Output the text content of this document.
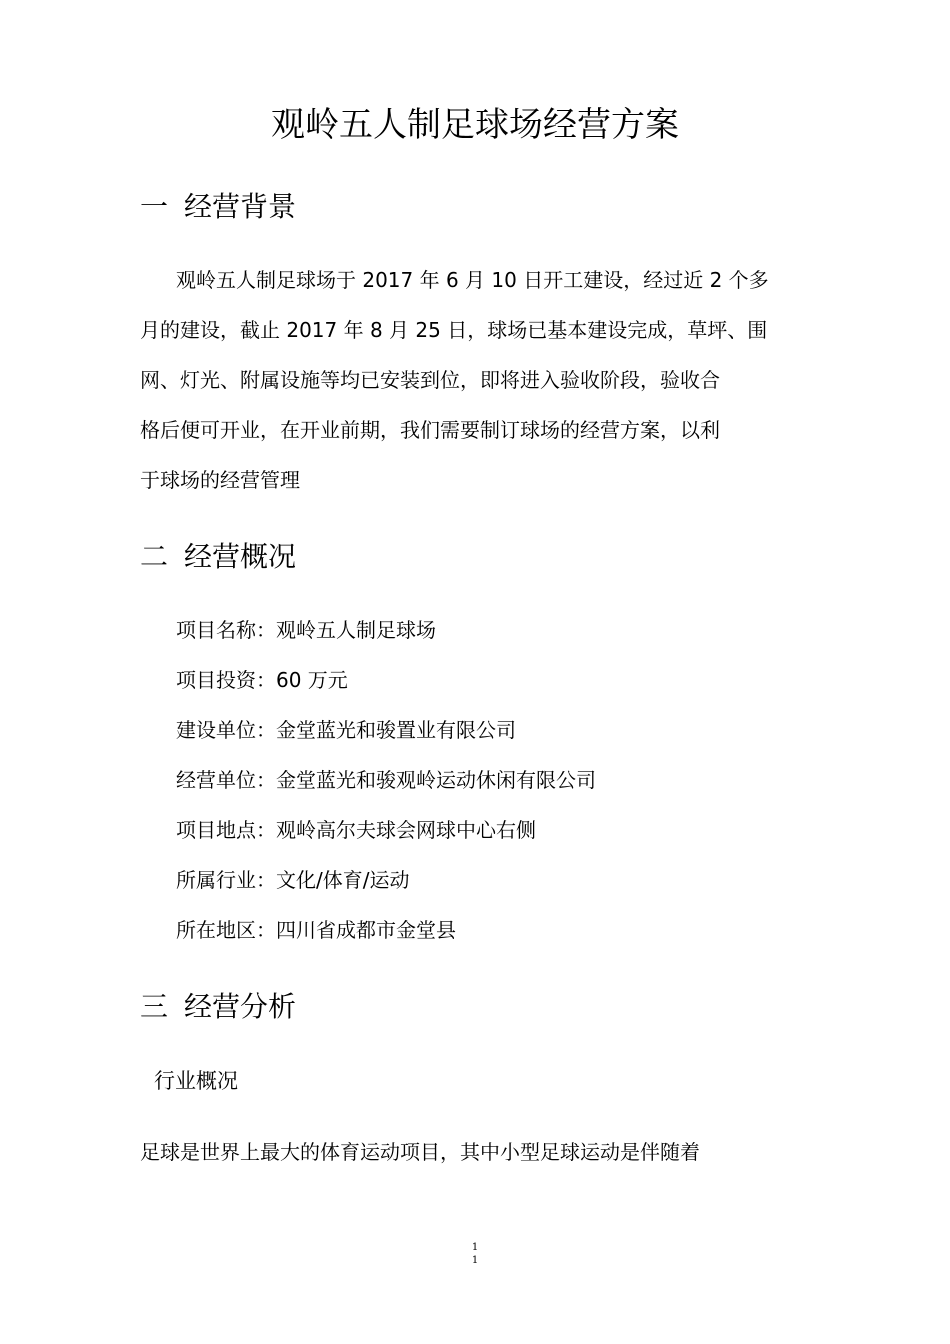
观岭五人制足球场经营方案
一 经营背景
观岭五人制足球场于 2017 年 6 月 10 日开工建设，经过近 2 个多
月的建设，截止 2017 年 8 月 25 日，球场已基本建设完成，草坪、围
网、灯光、附属设施等均已安装到位，即将进入验收阶段，验收合
格后便可开业，在开业前期，我们需要制订球场的经营方案，以利
于球场的经营管理
二 经营概况
项目名称：观岭五人制足球场
项目投资：60 万元
建设单位：金堂蓝光和骏置业有限公司
经营单位：金堂蓝光和骏观岭运动休闲有限公司
项目地点：观岭高尔夫球会网球中心右侧
所属行业：文化/体育/运动
所在地区：四川省成都市金堂县
三 经营分析
行业概况
足球是世界上最大的体育运动项目，其中小型足球运动是伴随着
1
1
